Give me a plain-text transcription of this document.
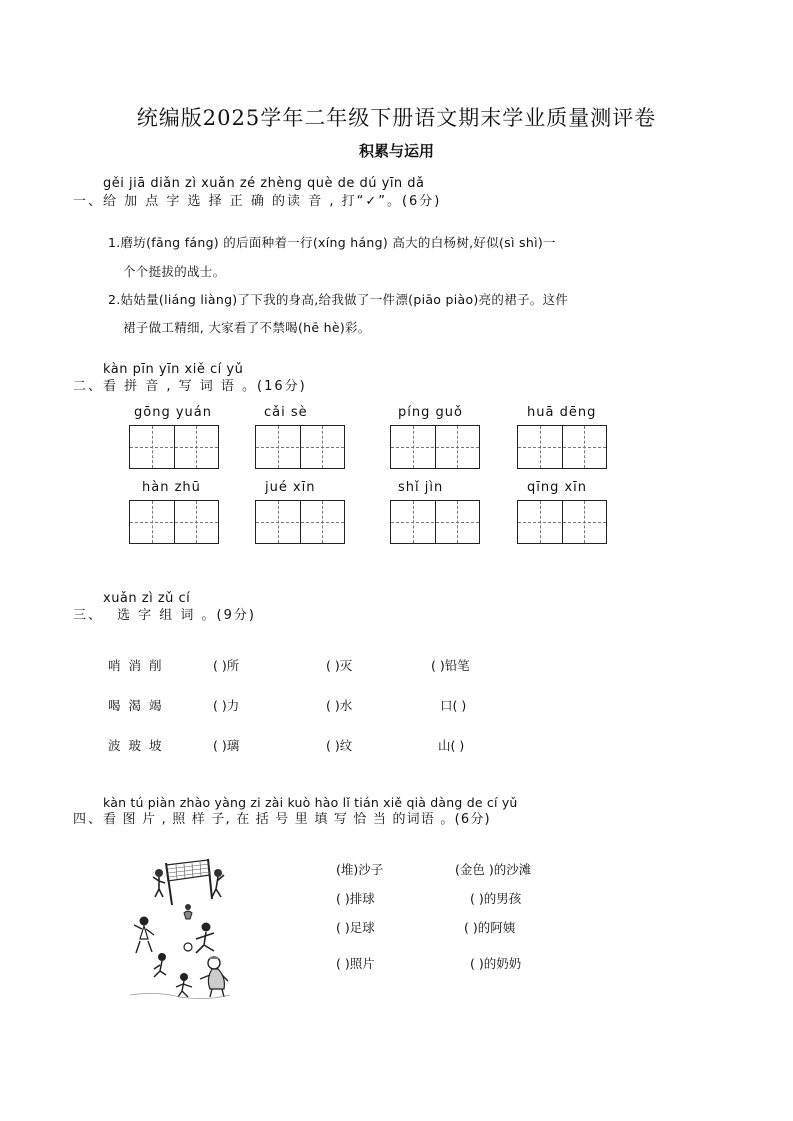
统编版2025学年二年级下册语文期末学业质量测评卷
积累与运用
gěi jiā diǎn zì xuǎn zé zhèng què de dú yīn dǎ
一、 给 加 点 字 选 择 正 确 的读 音 , 打“✓”。(6分)
1.磨坊(fāng fáng) 的后面种着一行(xíng háng) 高大的白杨树,好似(sì shì)一
个个挺拔的战士。
2.姑姑量(liáng liàng)了下我的身高,给我做了一件漂(piāo piào)亮的裙子。这件
裙子做工精细, 大家看了不禁喝(hē hè)彩。
kàn pīn yīn xiě cí yǔ
二、 看 拼 音 , 写 词 语 。(16分)
gōng yuán	cǎi sè	píng guǒ	huā dēng
hàn zhū	jué xīn	shǐ jìn	qīng xīn
xuǎn zì zǔ cí
三、 选 字 组 词 。(9分)
哨 消 削	( )所	( )灭	( )铅笔
喝 渴 竭	( )力	( )水	口( )
波 玻 坡	( )璃	( )纹	山( )
kàn tú piàn zhào yàng zi zài kuò hào lǐ tián xiě qià dàng de cí yǔ
四、 看 图 片 , 照 样 子, 在 括 号 里 填 写 恰 当 的词语 。(6分)
(堆)沙子	(金色 )的沙滩
( )排球	( )的男孩
( )足球	( )的阿姨
( )照片	( )的奶奶
